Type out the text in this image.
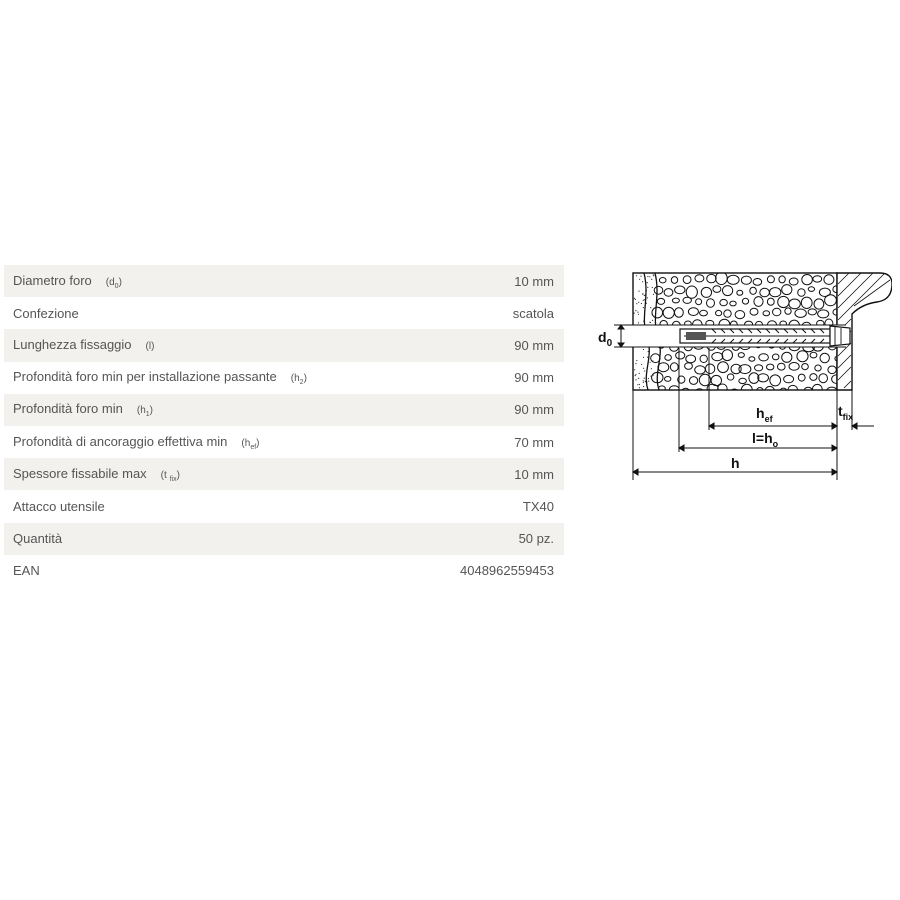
Diametro foro $(d_0)$	10 mm
Confezione	scatola
Lunghezza fissaggio (l)	90 mm
Profondità foro min per installazione passante $(h_2)$	90 mm
Profondità foro $\min (h_1)$	90 mm
Profondità di ancoraggio effettiva $\min (h_{ef})$	70 mm
Spessore fissabile max (t $_{fix}$)	10 mm
Attacco utensile	TX40
Quantità	50 pz.
EAN	4048962559453
$d_0$
$h_{ef}$	$t_{fix}$
$l=h_o$
h
